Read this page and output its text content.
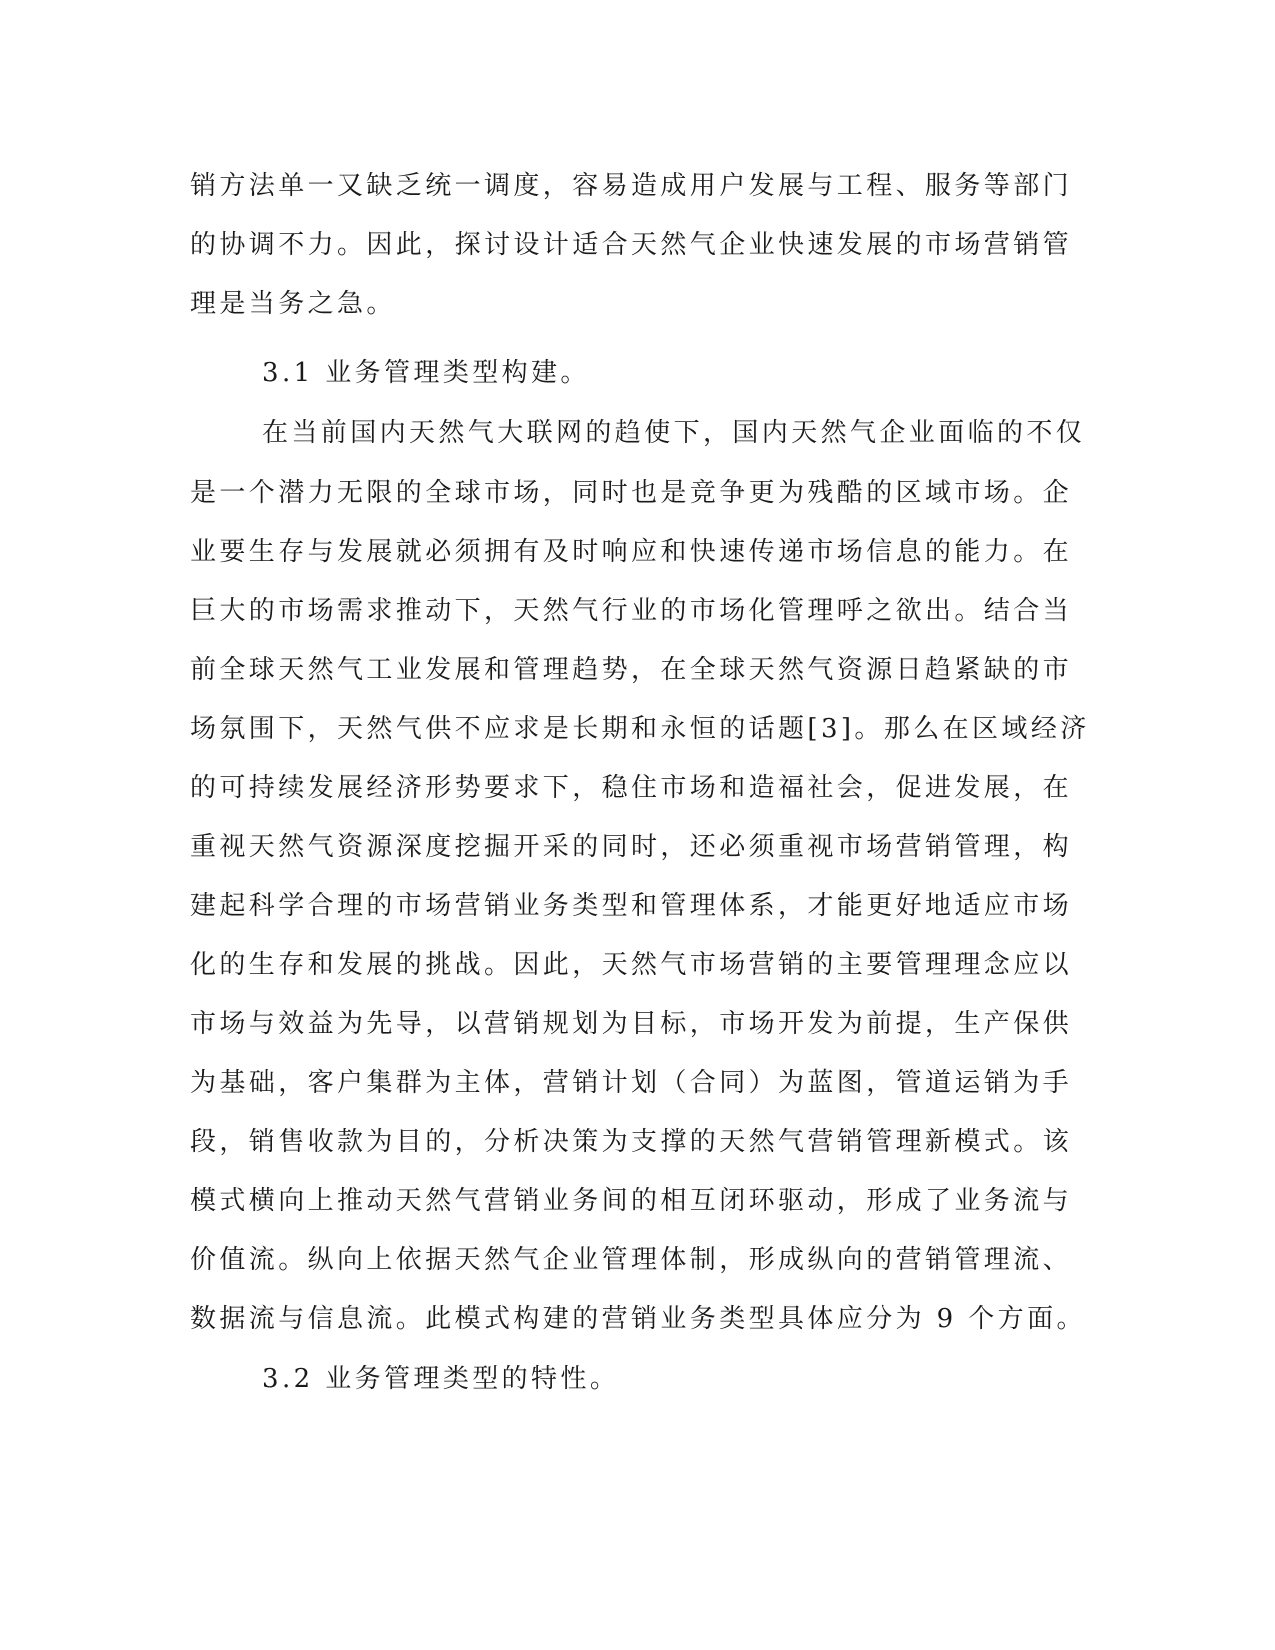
销方法单一又缺乏统一调度，容易造成用户发展与工程、服务等部门
的协调不力。因此，探讨设计适合天然气企业快速发展的市场营销管
理是当务之急。
3.1 业务管理类型构建。
在当前国内天然气大联网的趋使下，国内天然气企业面临的不仅
是一个潜力无限的全球市场，同时也是竞争更为残酷的区域市场。企
业要生存与发展就必须拥有及时响应和快速传递市场信息的能力。在
巨大的市场需求推动下，天然气行业的市场化管理呼之欲出。结合当
前全球天然气工业发展和管理趋势，在全球天然气资源日趋紧缺的市
场氛围下，天然气供不应求是长期和永恒的话题[3]。那么在区域经济
的可持续发展经济形势要求下，稳住市场和造福社会，促进发展，在
重视天然气资源深度挖掘开采的同时，还必须重视市场营销管理，构
建起科学合理的市场营销业务类型和管理体系，才能更好地适应市场
化的生存和发展的挑战。因此，天然气市场营销的主要管理理念应以
市场与效益为先导，以营销规划为目标，市场开发为前提，生产保供
为基础，客户集群为主体，营销计划（合同）为蓝图，管道运销为手
段，销售收款为目的，分析决策为支撑的天然气营销管理新模式。该
模式横向上推动天然气营销业务间的相互闭环驱动，形成了业务流与
价值流。纵向上依据天然气企业管理体制，形成纵向的营销管理流、
数据流与信息流。此模式构建的营销业务类型具体应分为 9 个方面。
3.2 业务管理类型的特性。
